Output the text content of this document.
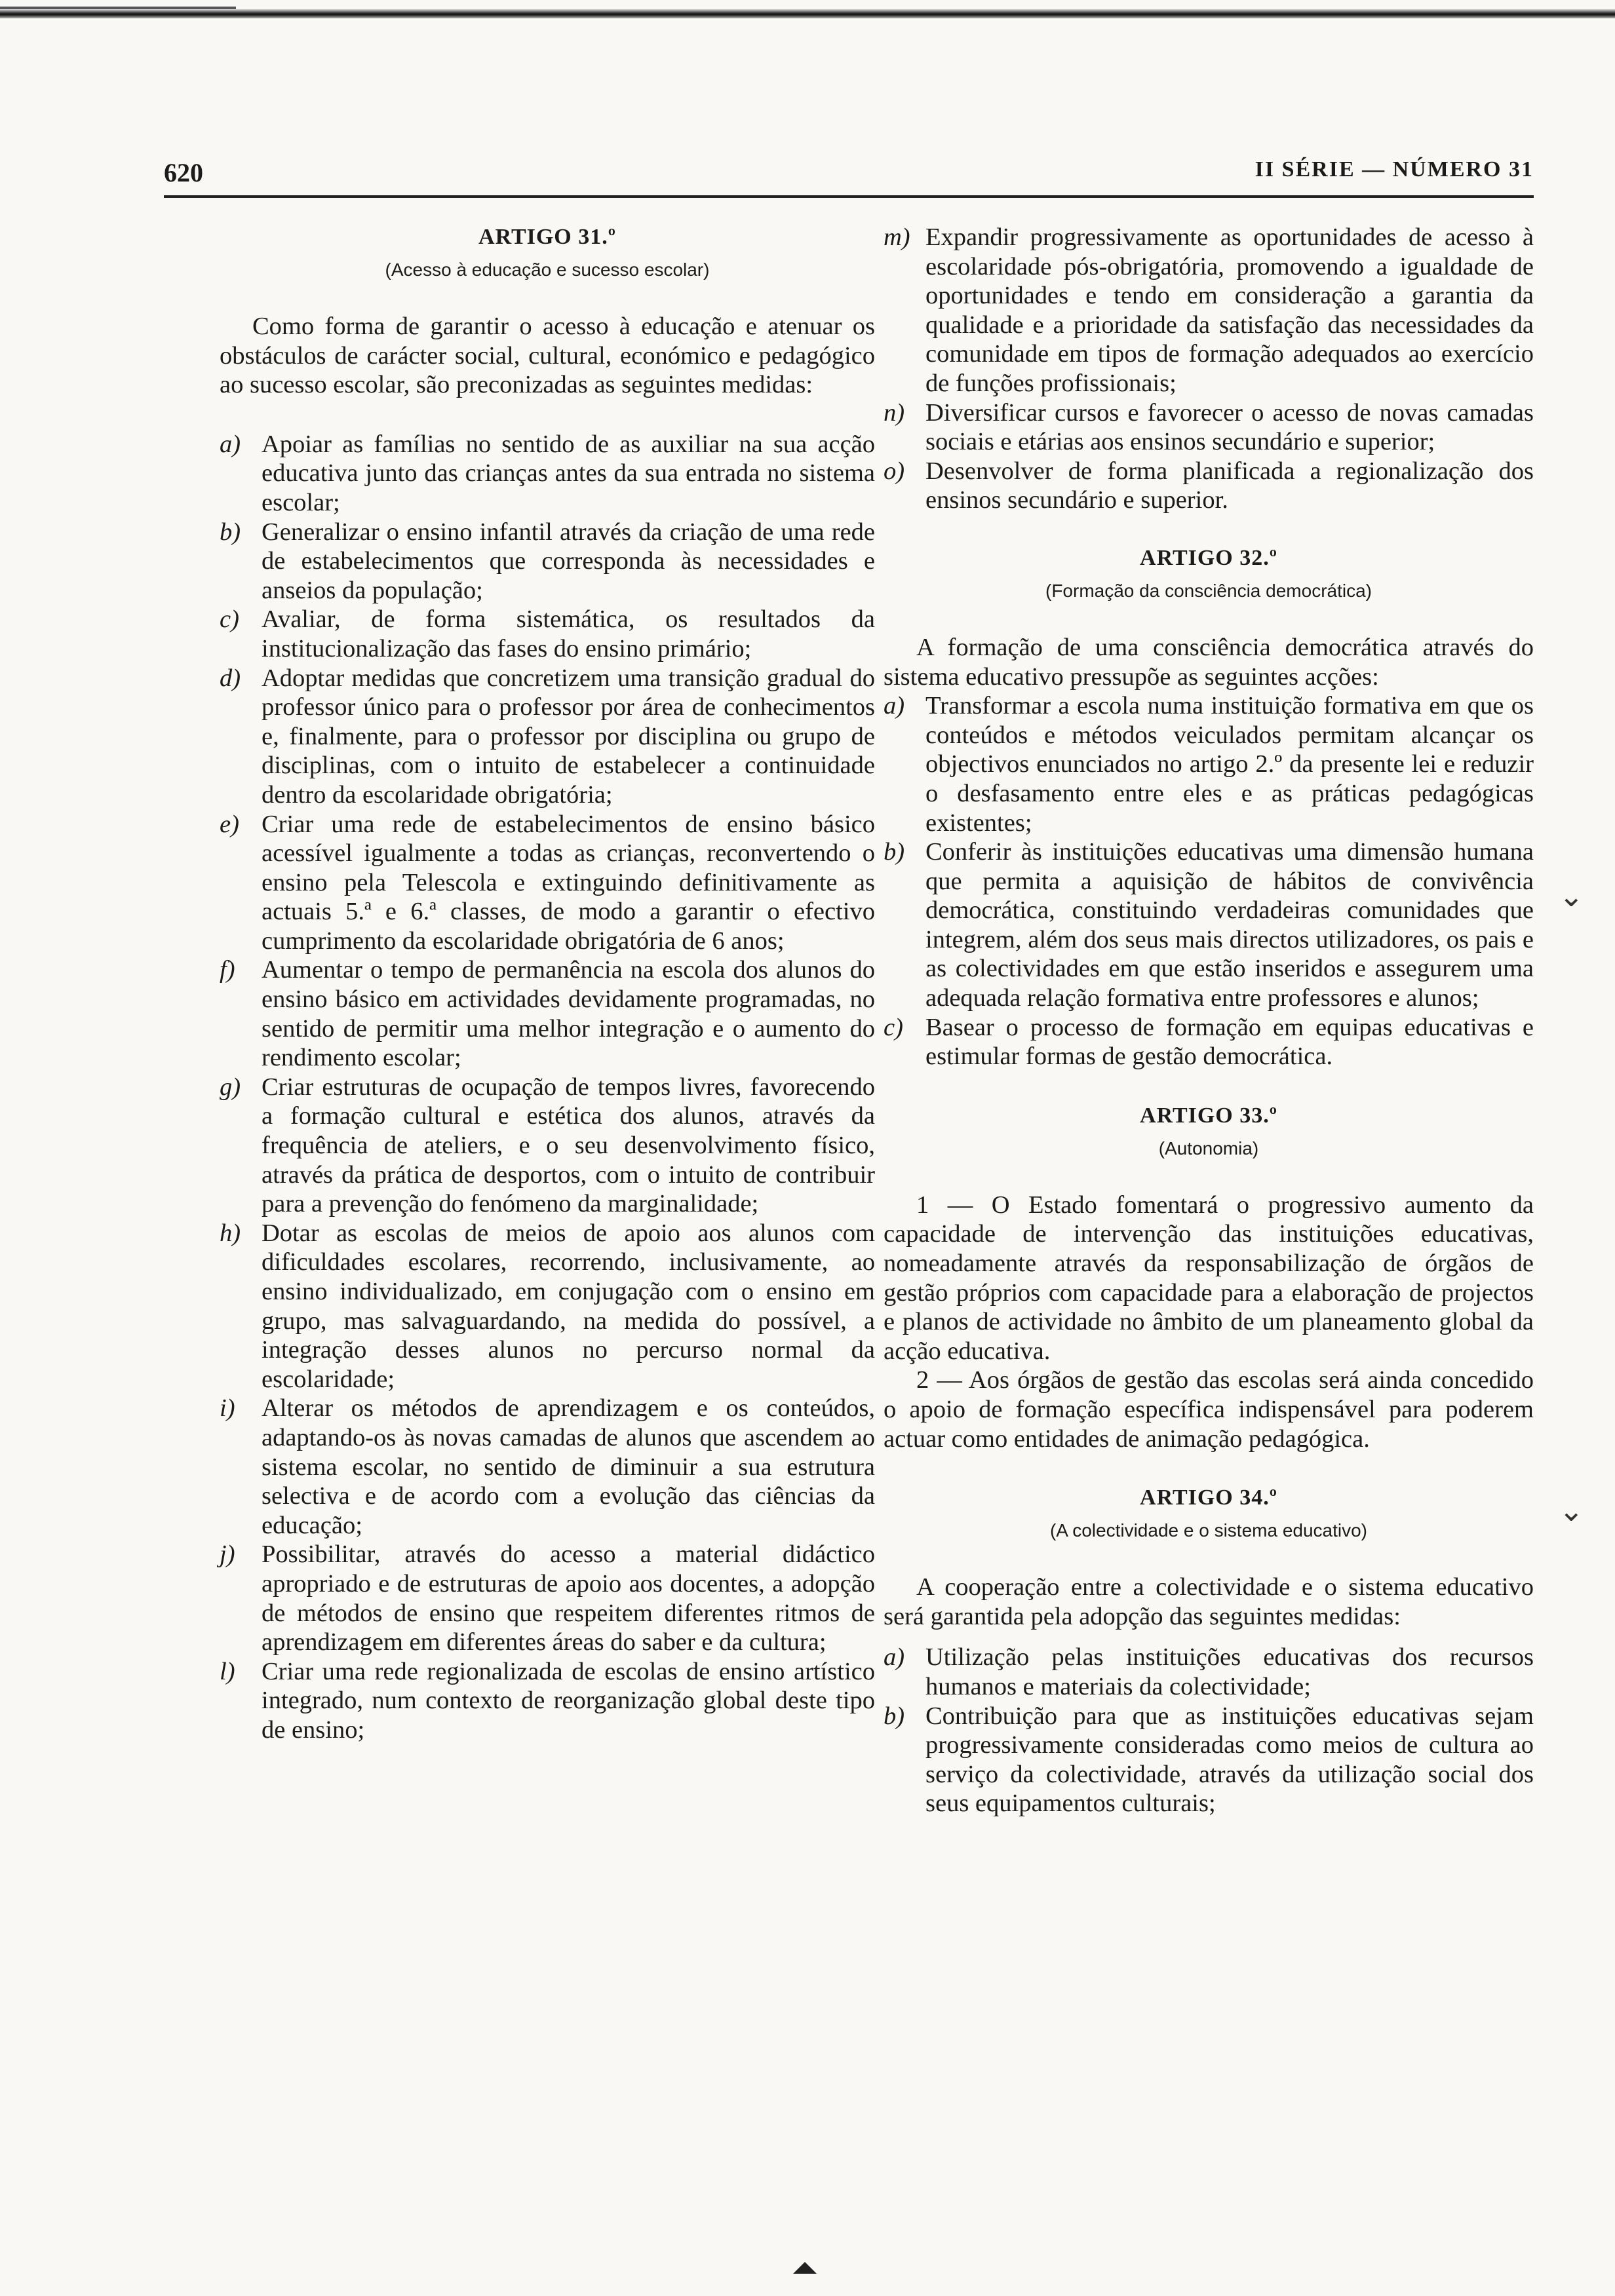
620	II SÉRIE — NÚMERO 31
ARTIGO 31.º
(Acesso à educação e sucesso escolar)

Como forma de garantir o acesso à educação e atenuar os obstáculos de carácter social, cultural, económico e pedagógico ao sucesso escolar, são preconizadas as seguintes medidas:

a) Apoiar as famílias no sentido de as auxiliar na sua acção educativa junto das crianças antes da sua entrada no sistema escolar;
b) Generalizar o ensino infantil através da criação de uma rede de estabelecimentos que corresponda às necessidades e anseios da população;
c) Avaliar, de forma sistemática, os resultados da institucionalização das fases do ensino primário;
d) Adoptar medidas que concretizem uma transição gradual do professor único para o professor por área de conhecimentos e, finalmente, para o professor por disciplina ou grupo de disciplinas, com o intuito de estabelecer a continuidade dentro da escolaridade obrigatória;
e) Criar uma rede de estabelecimentos de ensino básico acessível igualmente a todas as crianças, reconvertendo o ensino pela Telescola e extinguindo definitivamente as actuais 5.ª e 6.ª classes, de modo a garantir o efectivo cumprimento da escolaridade obrigatória de 6 anos;
f) Aumentar o tempo de permanência na escola dos alunos do ensino básico em actividades devidamente programadas, no sentido de permitir uma melhor integração e o aumento do rendimento escolar;
g) Criar estruturas de ocupação de tempos livres, favorecendo a formação cultural e estética dos alunos, através da frequência de ateliers, e o seu desenvolvimento físico, através da prática de desportos, com o intuito de contribuir para a prevenção do fenómeno da marginalidade;
h) Dotar as escolas de meios de apoio aos alunos com dificuldades escolares, recorrendo, inclusivamente, ao ensino individualizado, em conjugação com o ensino em grupo, mas salvaguardando, na medida do possível, a integração desses alunos no percurso normal da escolaridade;
i) Alterar os métodos de aprendizagem e os conteúdos, adaptando-os às novas camadas de alunos que ascendem ao sistema escolar, no sentido de diminuir a sua estrutura selectiva e de acordo com a evolução das ciências da educação;
j) Possibilitar, através do acesso a material didáctico apropriado e de estruturas de apoio aos docentes, a adopção de métodos de ensino que respeitem diferentes ritmos de aprendizagem em diferentes áreas do saber e da cultura;
l) Criar uma rede regionalizada de escolas de ensino artístico integrado, num contexto de reorganização global deste tipo de ensino;
m) Expandir progressivamente as oportunidades de acesso à escolaridade pós-obrigatória, promovendo a igualdade de oportunidades e tendo em consideração a garantia da qualidade e a prioridade da satisfação das necessidades da comunidade em tipos de formação adequados ao exercício de funções profissionais;
n) Diversificar cursos e favorecer o acesso de novas camadas sociais e etárias aos ensinos secundário e superior;
o) Desenvolver de forma planificada a regionalização dos ensinos secundário e superior.
ARTIGO 32.º
(Formação da consciência democrática)

A formação de uma consciência democrática através do sistema educativo pressupõe as seguintes acções:

a) Transformar a escola numa instituição formativa em que os conteúdos e métodos veiculados permitam alcançar os objectivos enunciados no artigo 2.º da presente lei e reduzir o desfasamento entre eles e as práticas pedagógicas existentes;
b) Conferir às instituições educativas uma dimensão humana que permita a aquisição de hábitos de convivência democrática, constituindo verdadeiras comunidades que integrem, além dos seus mais directos utilizadores, os pais e as colectividades em que estão inseridos e assegurem uma adequada relação formativa entre professores e alunos;
c) Basear o processo de formação em equipas educativas e estimular formas de gestão democrática.
ARTIGO 33.º
(Autonomia)

1 — O Estado fomentará o progressivo aumento da capacidade de intervenção das instituições educativas, nomeadamente através da responsabilização de órgãos de gestão próprios com capacidade para a elaboração de projectos e planos de actividade no âmbito de um planeamento global da acção educativa.

2 — Aos órgãos de gestão das escolas será ainda concedido o apoio de formação específica indispensável para poderem actuar como entidades de animação pedagógica.

ARTIGO 34.º
(A colectividade e o sistema educativo)

A cooperação entre a colectividade e o sistema educativo será garantida pela adopção das seguintes medidas:

a) Utilização pelas instituições educativas dos recursos humanos e materiais da colectividade;
b) Contribuição para que as instituições educativas sejam progressivamente consideradas como meios de cultura ao serviço da colectividade, através da utilização social dos seus equipamentos culturais;
⌄
⌄
